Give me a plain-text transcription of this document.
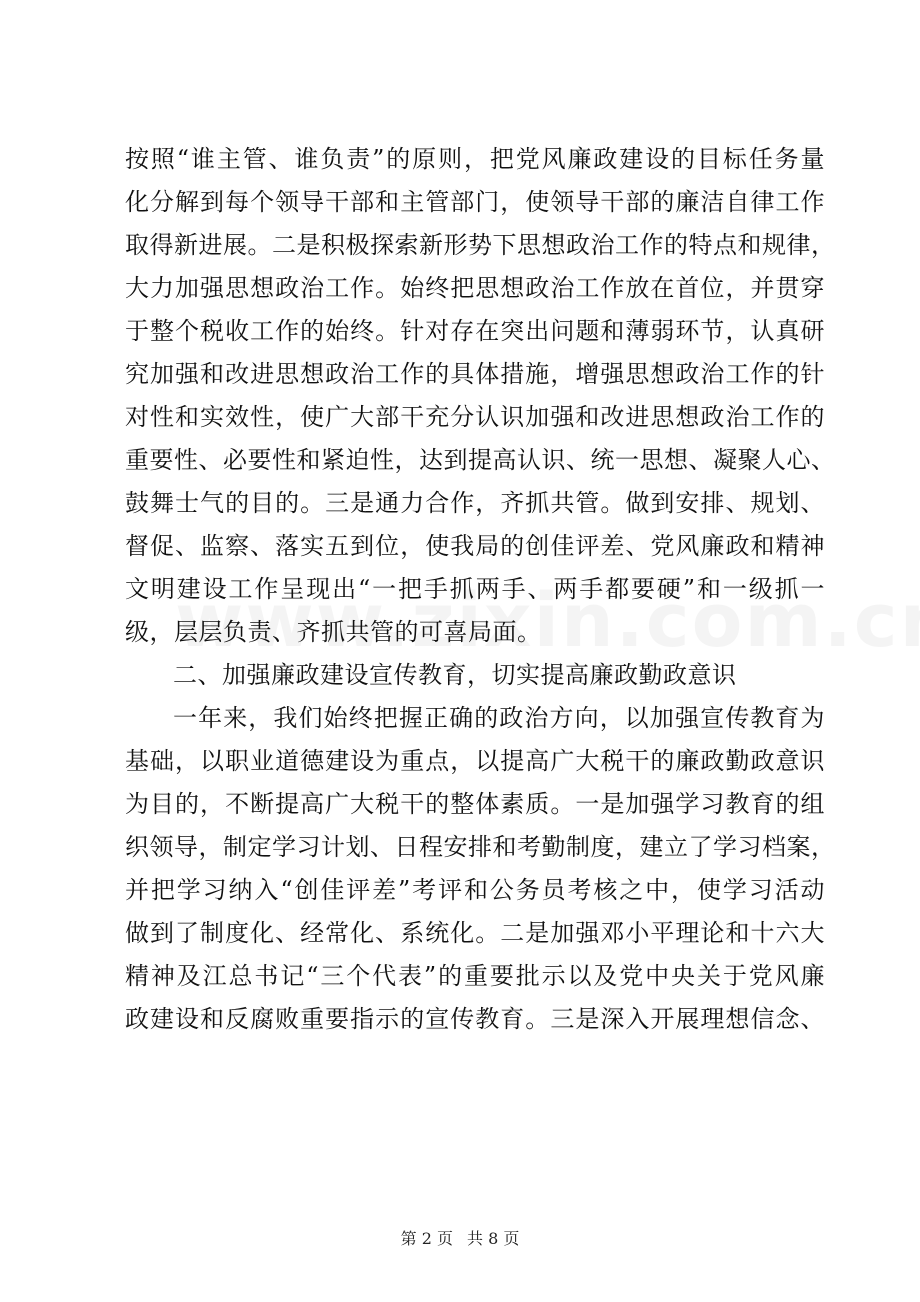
按照“谁主管、谁负责”的原则，把党风廉政建设的目标任务量
化分解到每个领导干部和主管部门，使领导干部的廉洁自律工作
取得新进展。二是积极探索新形势下思想政治工作的特点和规律，
大力加强思想政治工作。始终把思想政治工作放在首位，并贯穿
于整个税收工作的始终。针对存在突出问题和薄弱环节，认真研
究加强和改进思想政治工作的具体措施，增强思想政治工作的针
对性和实效性，使广大部干充分认识加强和改进思想政治工作的
重要性、必要性和紧迫性，达到提高认识、统一思想、凝聚人心、
鼓舞士气的目的。三是通力合作，齐抓共管。做到安排、规划、
督促、监察、落实五到位，使我局的创佳评差、党风廉政和精神
文明建设工作呈现出“一把手抓两手、两手都要硬”和一级抓一
级，层层负责、齐抓共管的可喜局面。
二、加强廉政建设宣传教育，切实提高廉政勤政意识
一年来，我们始终把握正确的政治方向，以加强宣传教育为
基础，以职业道德建设为重点，以提高广大税干的廉政勤政意识
为目的，不断提高广大税干的整体素质。一是加强学习教育的组
织领导，制定学习计划、日程安排和考勤制度，建立了学习档案，
并把学习纳入“创佳评差”考评和公务员考核之中，使学习活动
做到了制度化、经常化、系统化。二是加强邓小平理论和十六大
精神及江总书记“三个代表”的重要批示以及党中央关于党风廉
政建设和反腐败重要指示的宣传教育。三是深入开展理想信念、
第 2 页 共 8 页
